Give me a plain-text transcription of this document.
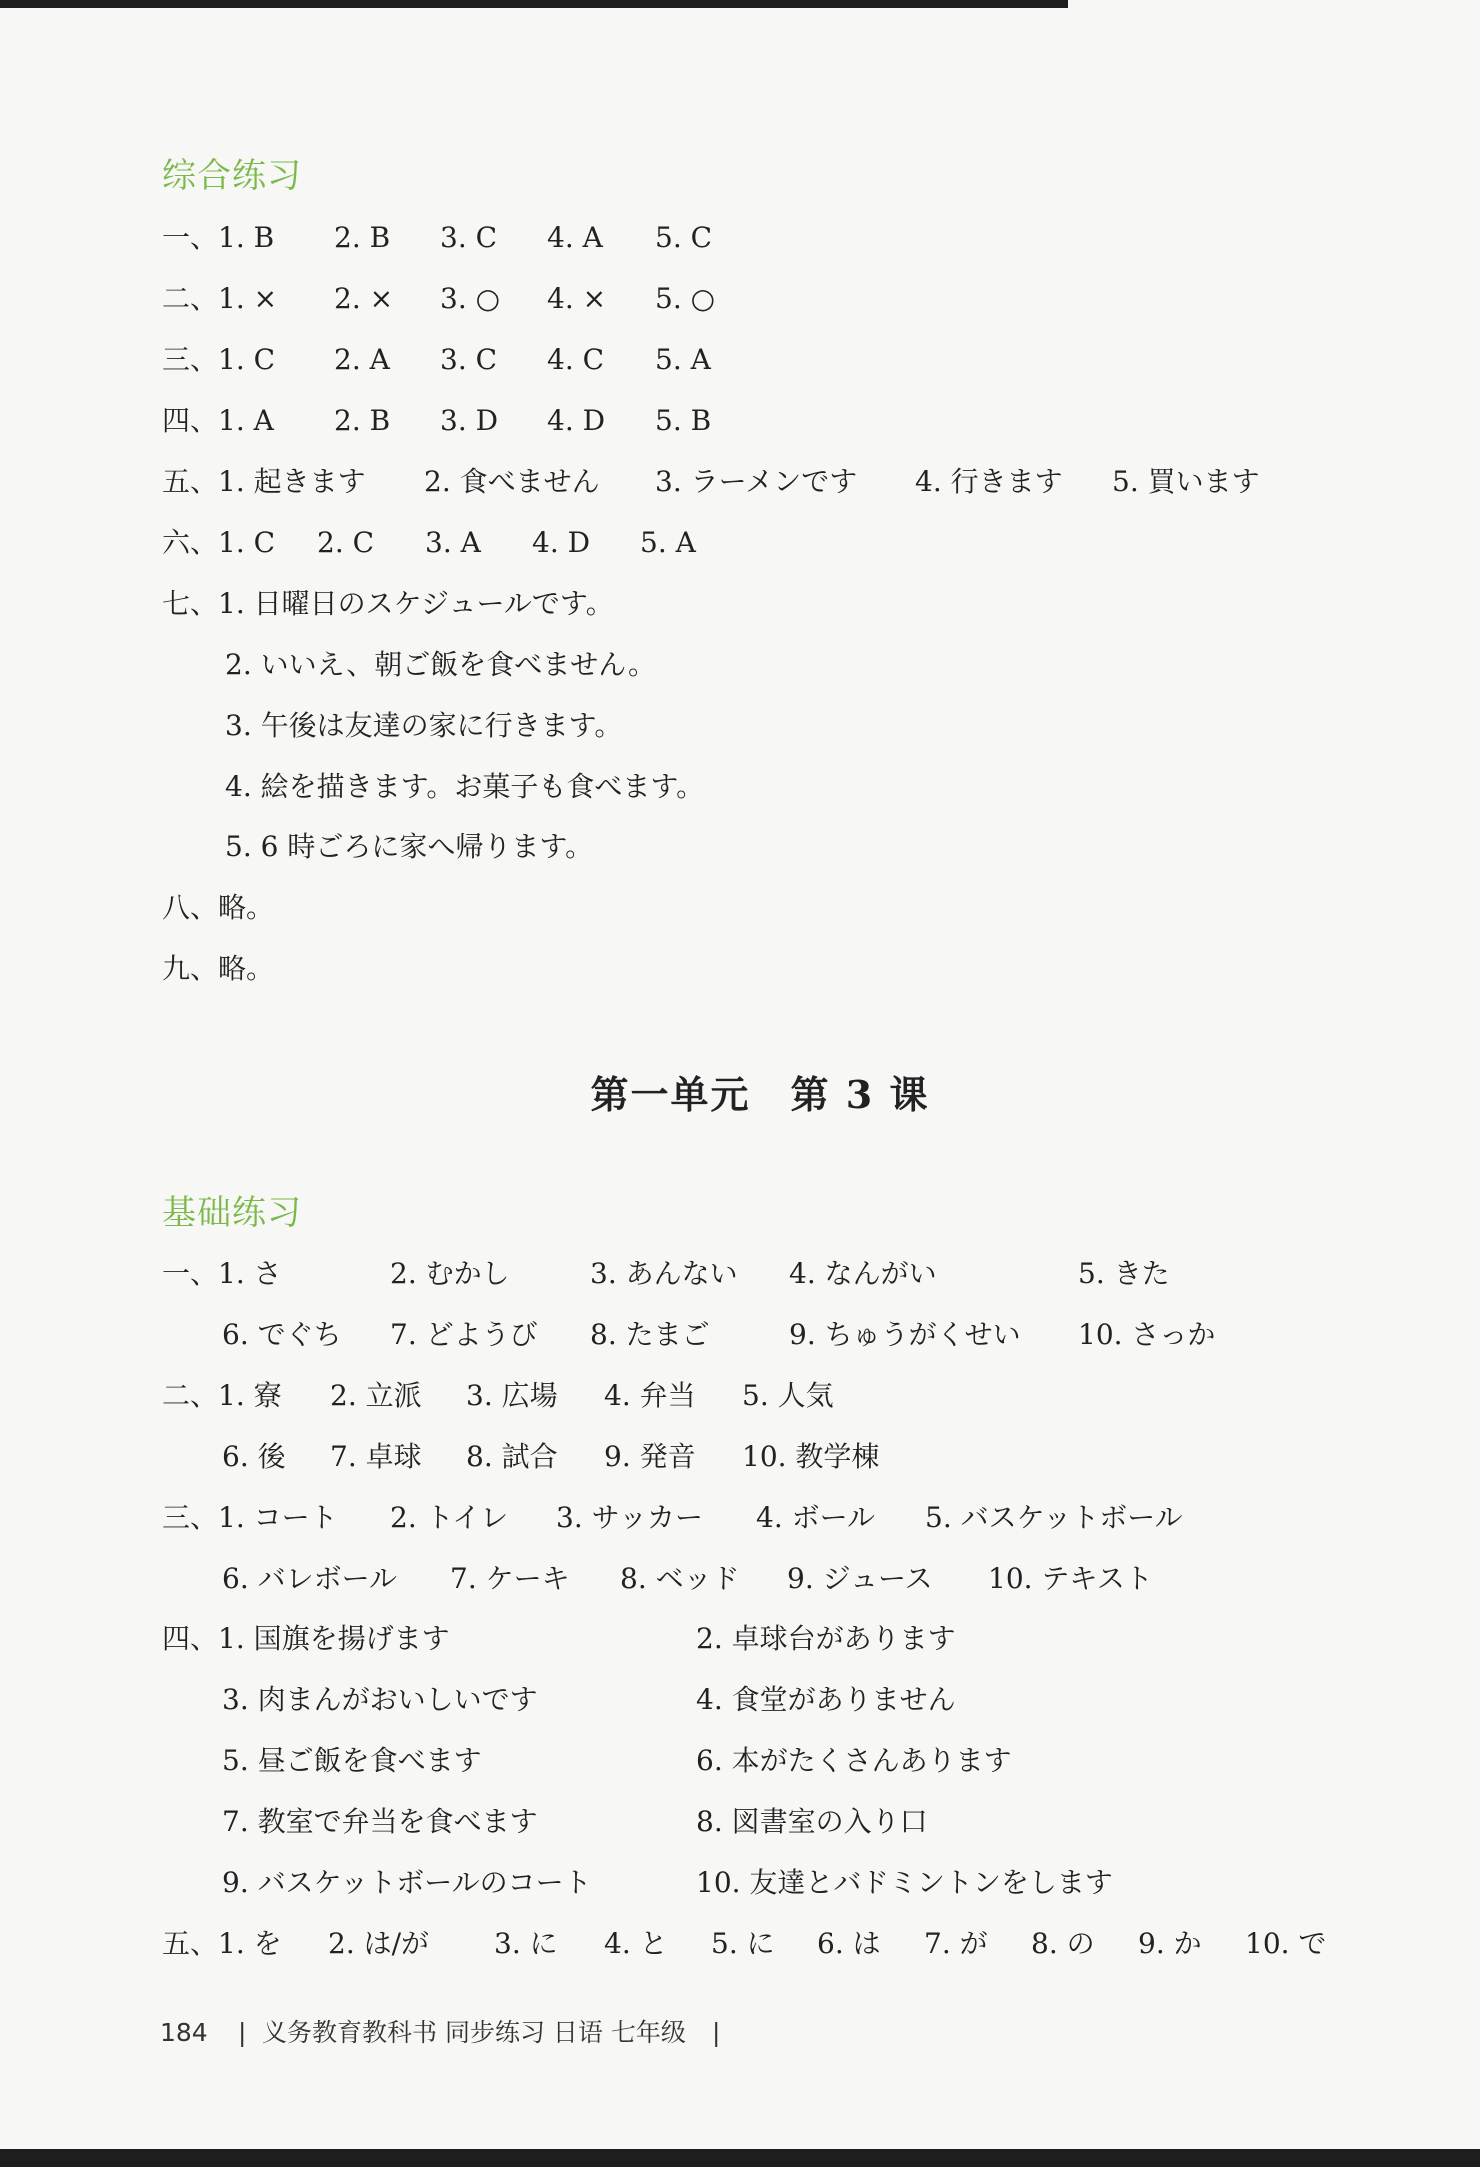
综合练习
一、1. B 2. B 3. C 4. A 5. C
二、1. × 2. × 3. ○ 4. × 5. ○
三、1. C 2. A 3. C 4. C 5. A
四、1. A 2. B 3. D 4. D 5. B
五、1. 起きます 2. 食べません 3. ラーメンです 4. 行きます 5. 買います
六、1. C 2. C 3. A 4. D 5. A
七、1. 日曜日のスケジュールです。
2. いいえ、朝ご飯を食べません。
3. 午後は友達の家に行きます。
4. 絵を描きます。お菓子も食べます。
5. 6 時ごろに家へ帰ります。
八、略。
九、略。
第一单元　第 3 课
基础练习
一、1. さ	2. むかし	3. あんない 4. なんがい	5. きた
6. でぐち 7. どようび 8. たまご	9. ちゅうがくせい 10. さっか
二、1. 寮 2. 立派 3. 広場 4. 弁当 5. 人気
6. 後 7. 卓球 8. 試合 9. 発音 10. 教学棟
三、1. コート 2. トイレ 3. サッカー 4. ボール 5. バスケットボール
6. バレボール 7. ケーキ 8. ベッド 9. ジュース 10. テキスト
四、1. 国旗を揚げます	2. 卓球台があります
3. 肉まんがおいしいです	4. 食堂がありません
5. 昼ご飯を食べます	6. 本がたくさんあります
7. 教室で弁当を食べます	8. 図書室の入り口
9. バスケットボールのコート	10. 友達とバドミントンをします
五、1. を 2. は/が 3. に 4. と 5. に 6. は 7. が 8. の 9. か 10. で
184 | 义务教育教科书 同步练习 日语 七年级 |
